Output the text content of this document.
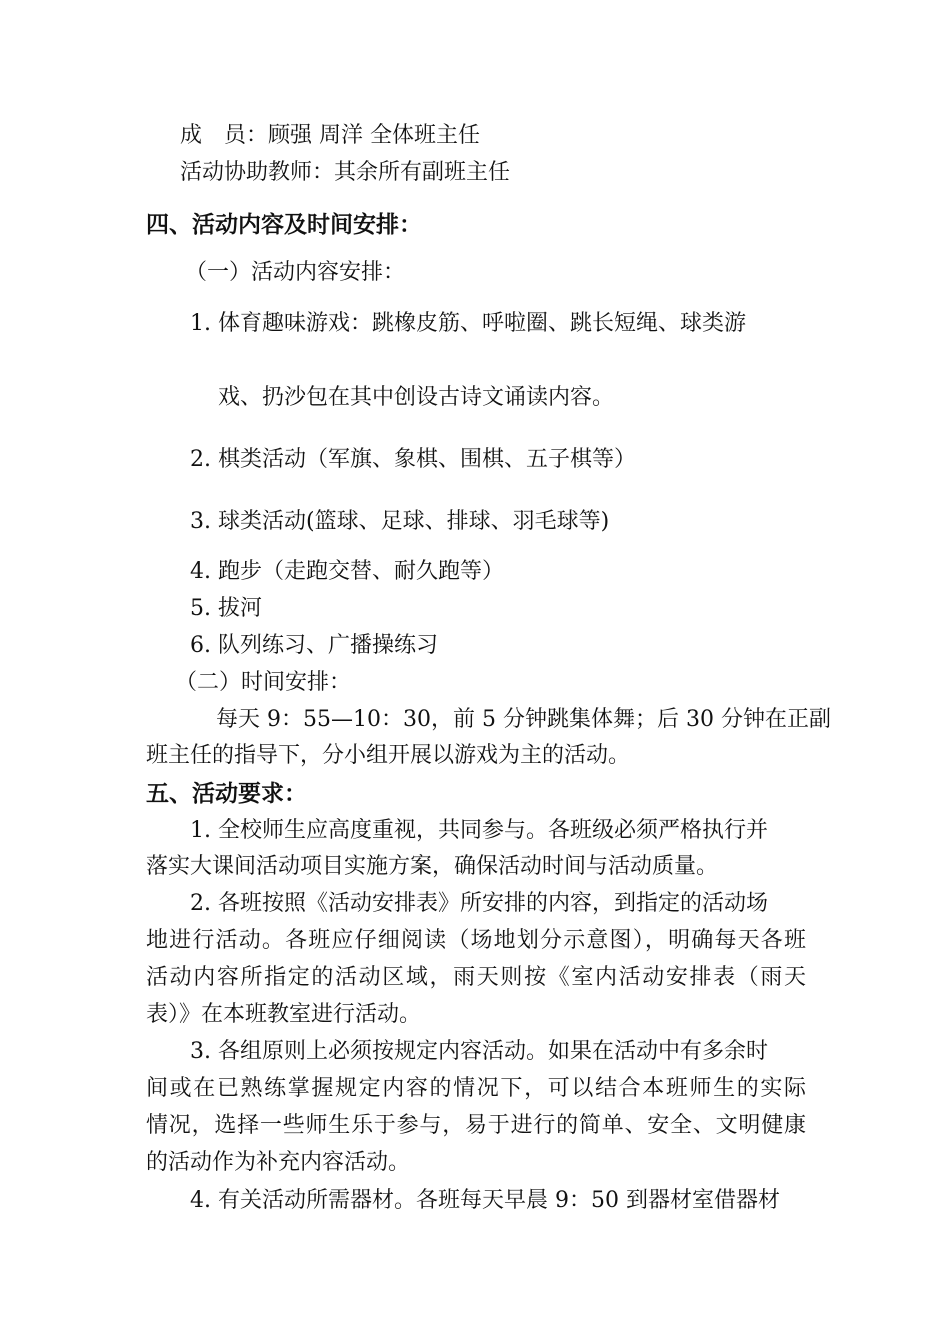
成　员：顾强 周洋 全体班主任
活动协助教师：其余所有副班主任
四、活动内容及时间安排：
（一）活动内容安排：
1. 体育趣味游戏：跳橡皮筋、呼啦圈、跳长短绳、球类游
戏、扔沙包在其中创设古诗文诵读内容。
2. 棋类活动（军旗、象棋、围棋、五子棋等）
3. 球类活动(篮球、足球、排球、羽毛球等)
4. 跑步（走跑交替、耐久跑等）
5. 拔河
6. 队列练习、广播操练习
（二）时间安排：
每天 9：55—10：30，前 5 分钟跳集体舞；后 30 分钟在正副
班主任的指导下，分小组开展以游戏为主的活动。
五、活动要求：
1. 全校师生应高度重视，共同参与。各班级必须严格执行并
落实大课间活动项目实施方案，确保活动时间与活动质量。
2. 各班按照《活动安排表》所安排的内容，到指定的活动场
地进行活动。各班应仔细阅读（场地划分示意图），明确每天各班
活动内容所指定的活动区域，雨天则按《室内活动安排表（雨天
表）》在本班教室进行活动。
3. 各组原则上必须按规定内容活动。如果在活动中有多余时
间或在已熟练掌握规定内容的情况下，可以结合本班师生的实际
情况，选择一些师生乐于参与，易于进行的简单、安全、文明健康
的活动作为补充内容活动。
4. 有关活动所需器材。各班每天早晨 9：50 到器材室借器材
